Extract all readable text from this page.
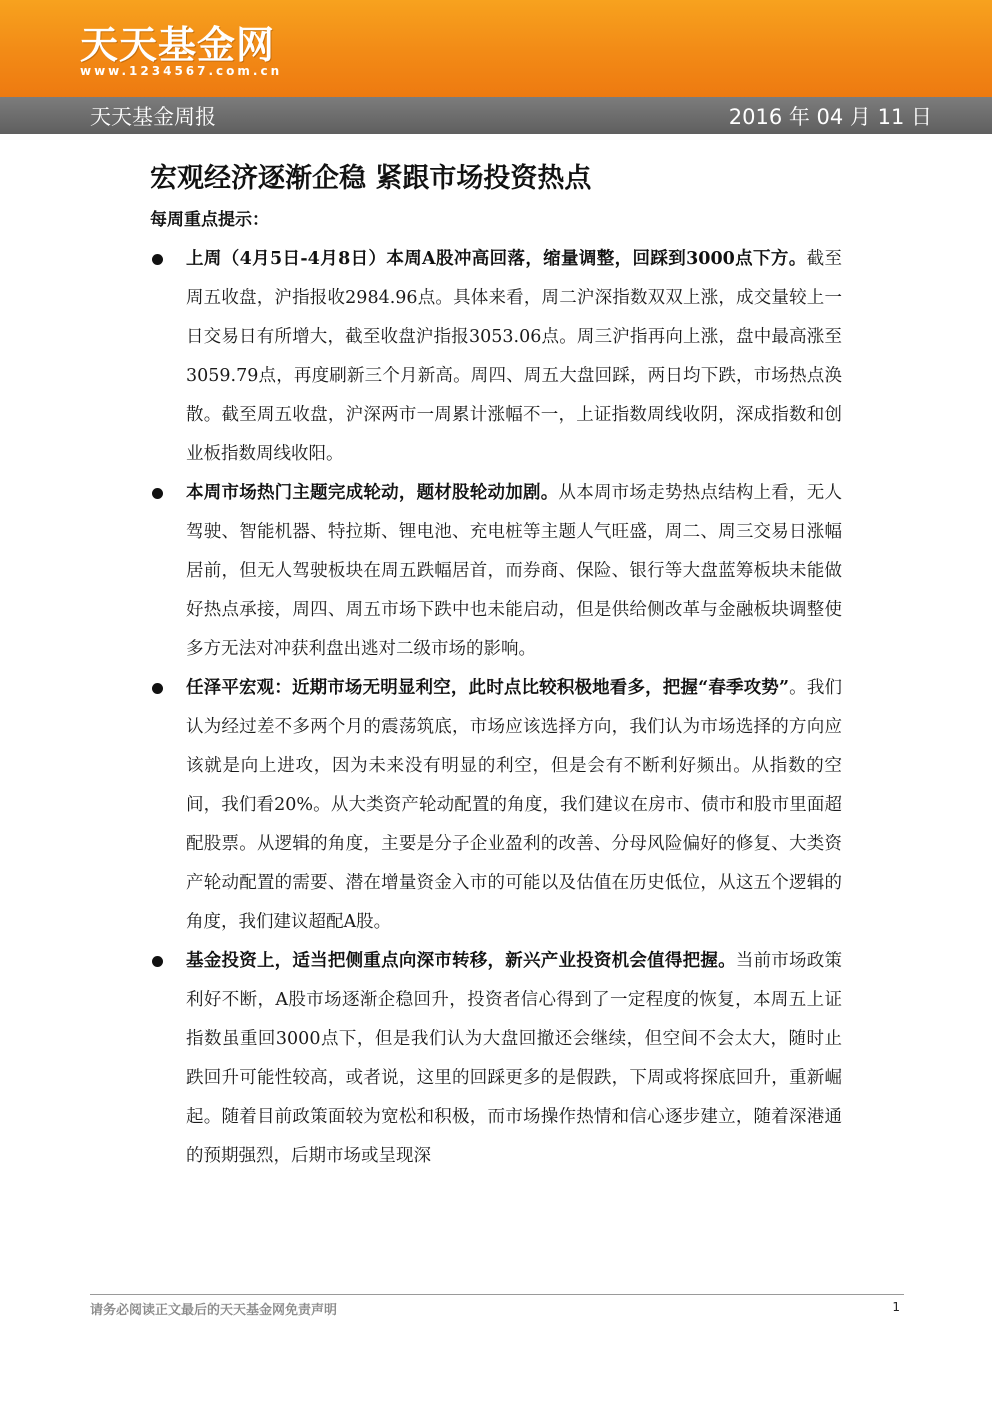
天天基金网
www.1234567.com.cn
天天基金周报	2016 年 04 月 11 日
宏观经济逐渐企稳 紧跟市场投资热点
每周重点提示：
上周（4月5日-4月8日）本周A股冲高回落，缩量调整，回踩到3000点下方。截至周五收盘，沪指报收2984.96点。具体来看，周二沪深指数双双上涨，成交量较上一日交易日有所增大，截至收盘沪指报3053.06点。周三沪指再向上涨，盘中最高涨至3059.79点，再度刷新三个月新高。周四、周五大盘回踩，两日均下跌，市场热点涣散。截至周五收盘，沪深两市一周累计涨幅不一，上证指数周线收阴，深成指数和创业板指数周线收阳。
本周市场热门主题完成轮动，题材股轮动加剧。从本周市场走势热点结构上看，无人驾驶、智能机器、特拉斯、锂电池、充电桩等主题人气旺盛，周二、周三交易日涨幅居前，但无人驾驶板块在周五跌幅居首，而券商、保险、银行等大盘蓝筹板块未能做好热点承接，周四、周五市场下跌中也未能启动，但是供给侧改革与金融板块调整使多方无法对冲获利盘出逃对二级市场的影响。
任泽平宏观：近期市场无明显利空，此时点比较积极地看多，把握“春季攻势”。我们认为经过差不多两个月的震荡筑底，市场应该选择方向，我们认为市场选择的方向应该就是向上进攻，因为未来没有明显的利空，但是会有不断利好频出。从指数的空间，我们看20%。从大类资产轮动配置的角度，我们建议在房市、债市和股市里面超配股票。从逻辑的角度，主要是分子企业盈利的改善、分母风险偏好的修复、大类资产轮动配置的需要、潜在增量资金入市的可能以及估值在历史低位，从这五个逻辑的角度，我们建议超配A股。
基金投资上，适当把侧重点向深市转移，新兴产业投资机会值得把握。当前市场政策利好不断，A股市场逐渐企稳回升，投资者信心得到了一定程度的恢复，本周五上证指数虽重回3000点下，但是我们认为大盘回撤还会继续，但空间不会太大，随时止跌回升可能性较高，或者说，这里的回踩更多的是假跌，下周或将探底回升，重新崛起。随着目前政策面较为宽松和积极，而市场操作热情和信心逐步建立，随着深港通的预期强烈，后期市场或呈现深
请务必阅读正文最后的天天基金网免责声明	1
